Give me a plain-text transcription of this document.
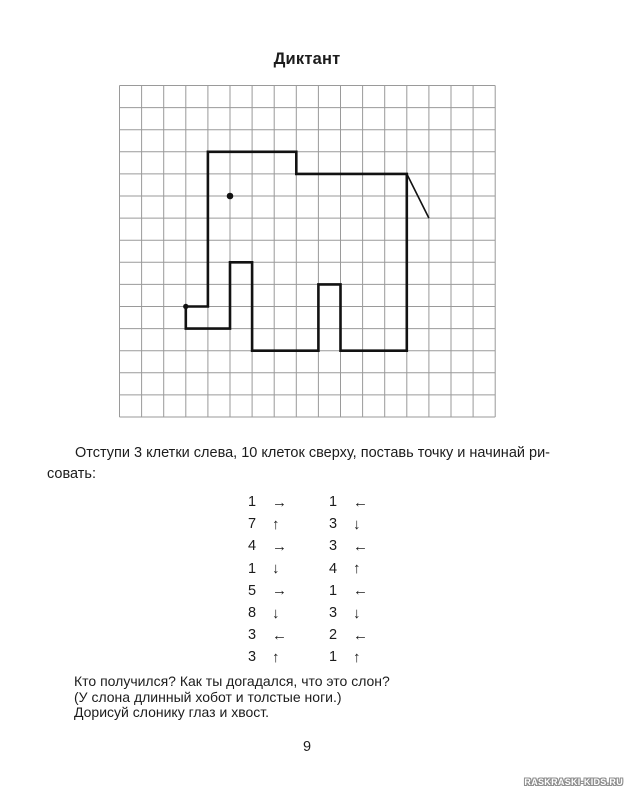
Диктант
Отступи 3 клетки слева, 10 клеток сверху, поставь точку и начинай ри-
совать:
1 →
7 ↑
4 →
1 ↓
5 →
8 ↓
3 ←
3 ↑
1 ←
3 ↓
3 ←
4 ↑
1 ←
3 ↓
2 ←
1 ↑
Кто получился? Как ты догадался, что это слон?
(У слона длинный хобот и толстые ноги.)
Дорисуй слонику глаз и хвост.
9
RASKRASKI-KIDS.RU
